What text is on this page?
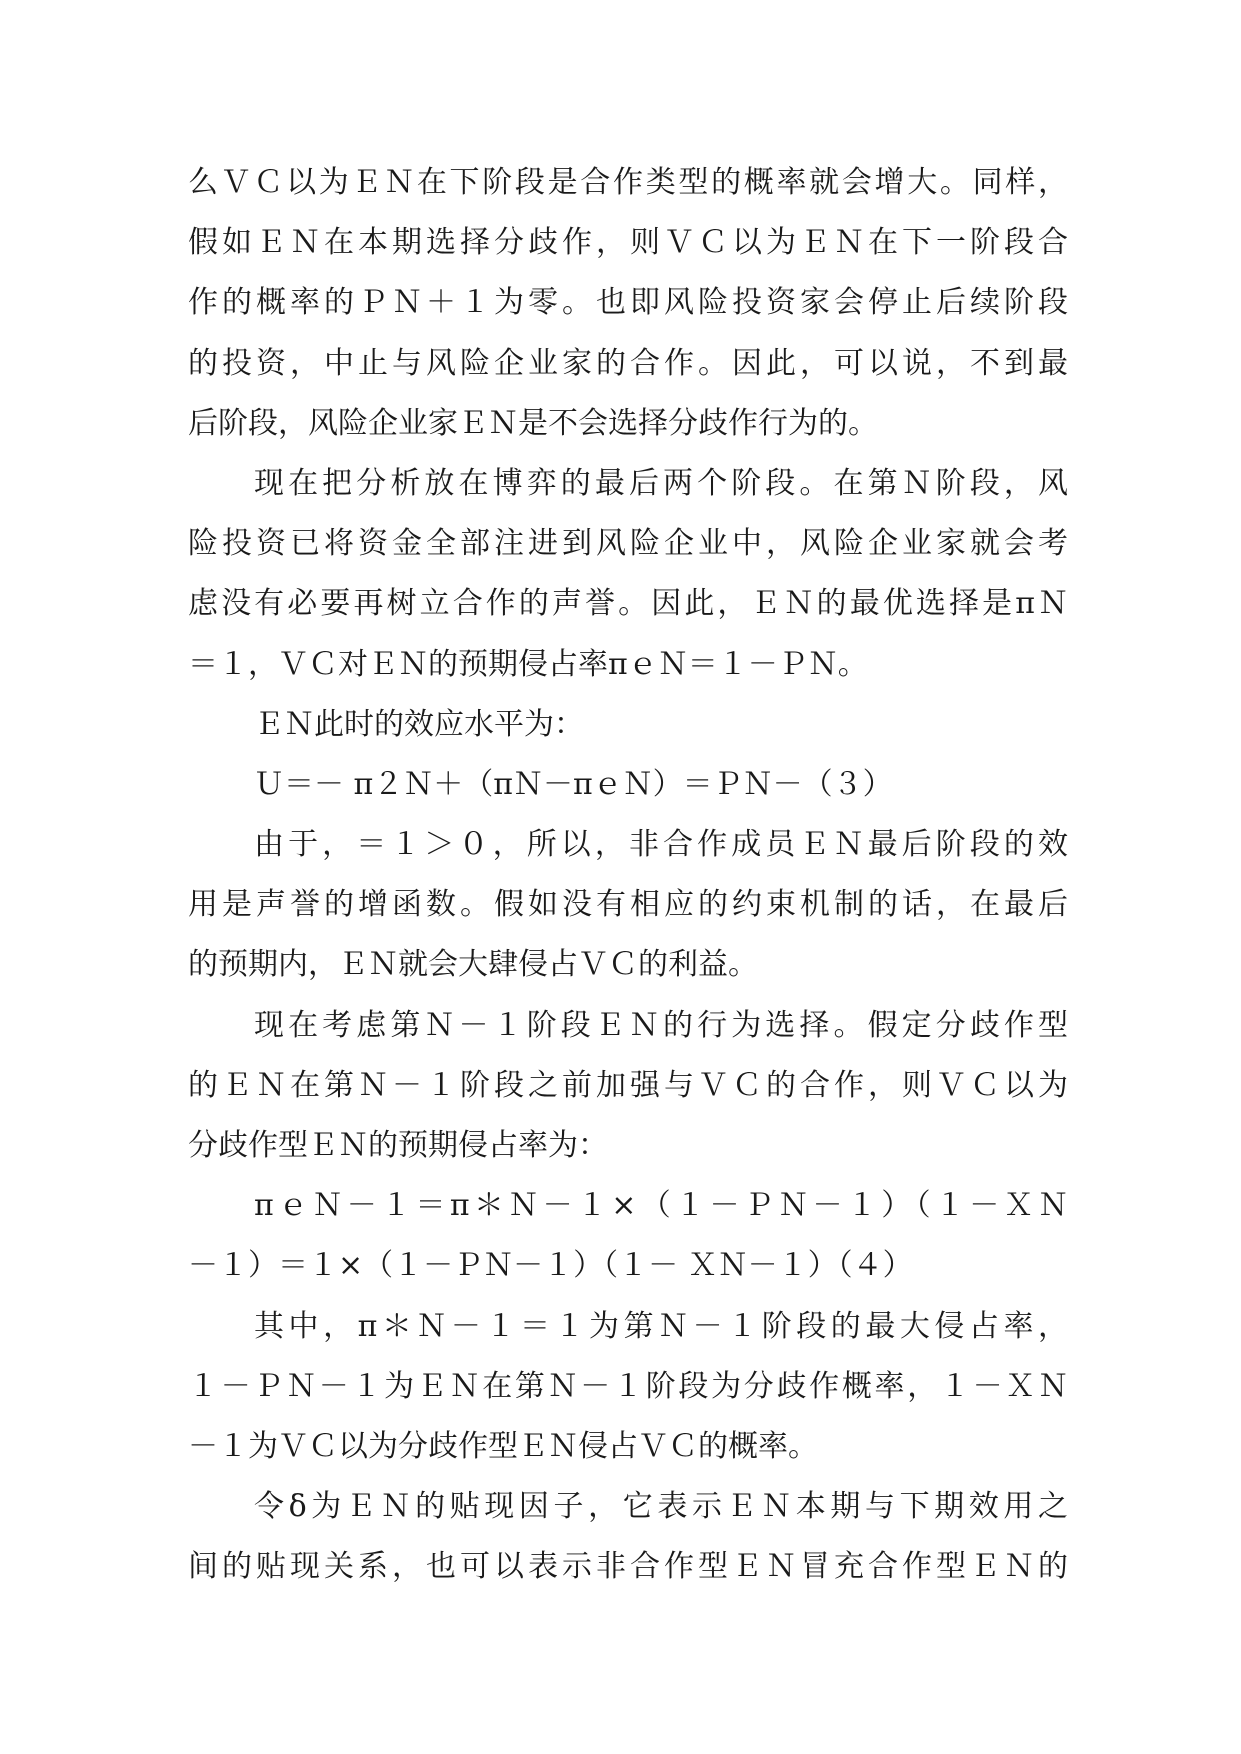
么ＶＣ以为ＥＮ在下阶段是合作类型的概率就会增大。同样，
假如ＥＮ在本期选择分歧作，则ＶＣ以为ＥＮ在下一阶段合
作的概率的ＰＮ＋１为零。也即风险投资家会停止后续阶段
的投资，中止与风险企业家的合作。因此，可以说，不到最
后阶段，风险企业家ＥＮ是不会选择分歧作行为的。
现在把分析放在博弈的最后两个阶段。在第Ｎ阶段，风
险投资已将资金全部注进到风险企业中，风险企业家就会考
虑没有必要再树立合作的声誉。因此，ＥＮ的最优选择是πＮ
＝１，ＶＣ对ＥＮ的预期侵占率πｅＮ＝１－ＰＮ。
ＥＮ此时的效应水平为：
Ｕ＝－ π２Ｎ＋（πＮ－πｅＮ）＝ＰＮ－（３）
由于，＝１＞０，所以，非合作成员ＥＮ最后阶段的效
用是声誉的增函数。假如没有相应的约束机制的话，在最后
的预期内，ＥＮ就会大肆侵占ＶＣ的利益。
现在考虑第Ｎ－１阶段ＥＮ的行为选择。假定分歧作型
的ＥＮ在第Ｎ－１阶段之前加强与ＶＣ的合作，则ＶＣ以为
分歧作型ＥＮ的预期侵占率为：
πｅＮ－１＝π＊Ｎ－１×（１－ＰＮ－１）（１－ＸＮ
－１）＝１×（１－ＰＮ－１）（１－ ＸＮ－１）（４）
其中，π＊Ｎ－１＝１为第Ｎ－１阶段的最大侵占率，
１－ＰＮ－１为ＥＮ在第Ｎ－１阶段为分歧作概率，１－ＸＮ
－１为ＶＣ以为分歧作型ＥＮ侵占ＶＣ的概率。
令δ为ＥＮ的贴现因子，它表示ＥＮ本期与下期效用之
间的贴现关系，也可以表示非合作型ＥＮ冒充合作型ＥＮ的
